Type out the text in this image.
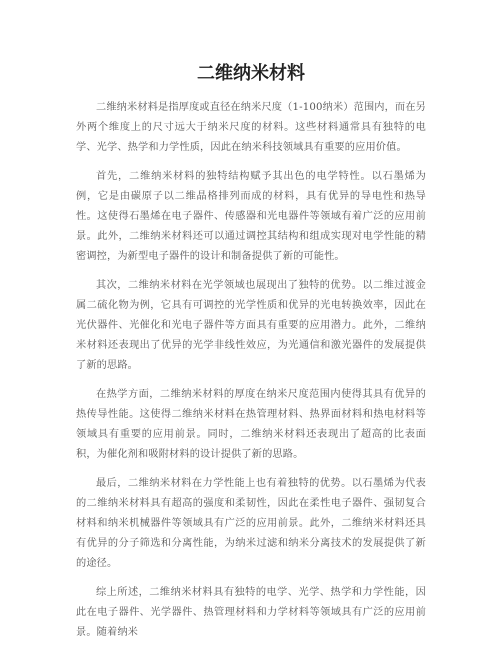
二维纳米材料

二维纳米材料是指厚度或直径在纳米尺度（1-100纳米）范围内，而在另外两个维度上的尺寸远大于纳米尺度的材料。这些材料通常具有独特的电学、光学、热学和力学性质，因此在纳米科技领域具有重要的应用价值。

首先，二维纳米材料的独特结构赋予其出色的电学特性。以石墨烯为例，它是由碳原子以二维晶格排列而成的材料，具有优异的导电性和热导性。这使得石墨烯在电子器件、传感器和光电器件等领域有着广泛的应用前景。此外，二维纳米材料还可以通过调控其结构和组成实现对电学性能的精密调控，为新型电子器件的设计和制备提供了新的可能性。

其次，二维纳米材料在光学领域也展现出了独特的优势。以二维过渡金属二硫化物为例，它具有可调控的光学性质和优异的光电转换效率，因此在光伏器件、光催化和光电子器件等方面具有重要的应用潜力。此外，二维纳米材料还表现出了优异的光学非线性效应，为光通信和激光器件的发展提供了新的思路。

在热学方面，二维纳米材料的厚度在纳米尺度范围内使得其具有优异的热传导性能。这使得二维纳米材料在热管理材料、热界面材料和热电材料等领域具有重要的应用前景。同时，二维纳米材料还表现出了超高的比表面积，为催化剂和吸附材料的设计提供了新的思路。

最后，二维纳米材料在力学性能上也有着独特的优势。以石墨烯为代表的二维纳米材料具有超高的强度和柔韧性，因此在柔性电子器件、强韧复合材料和纳米机械器件等领域具有广泛的应用前景。此外，二维纳米材料还具有优异的分子筛选和分离性能，为纳米过滤和纳米分离技术的发展提供了新的途径。

综上所述，二维纳米材料具有独特的电学、光学、热学和力学性能，因此在电子器件、光学器件、热管理材料和力学材料等领域具有广泛的应用前景。随着纳米
